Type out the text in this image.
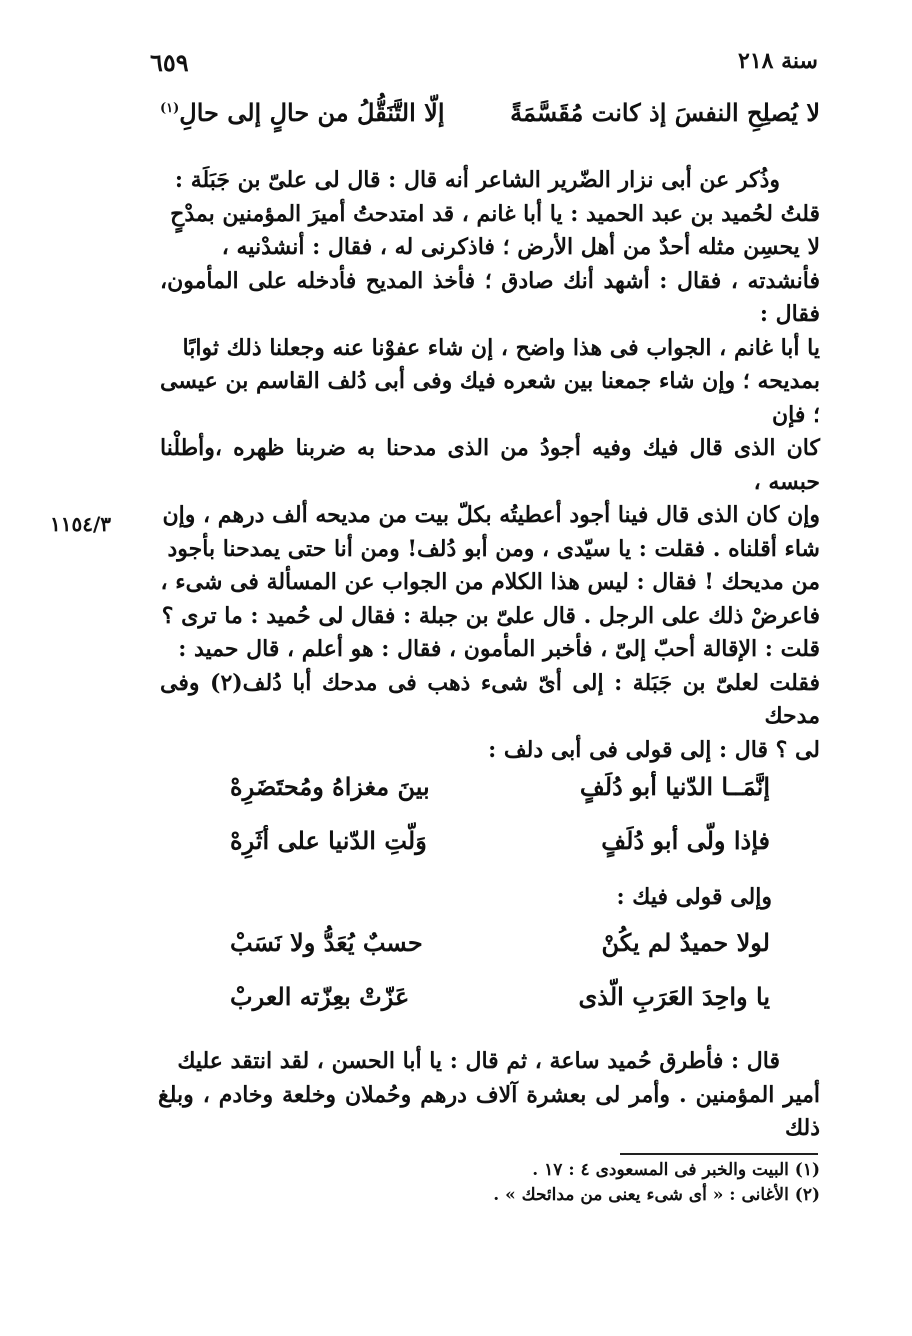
سنة ٢١٨
٦٥٩
لا يُصلِحِ النفسَ إذ كانت مُقَسَّمَةً
إلّا التَّنَقُّلُ من حالٍ إلى حالِ$^{(١)}$

وذُكر عن أبى نزار الضّرير الشاعر أنه قال : قال لى علىّ بن جَبَلَة :

قلتُ لحُميد بن عبد الحميد : يا أبا غانم ، قد امتدحتُ أميرَ المؤمنين بمدْحٍ

لا يحسِن مثله أحدٌ من أهل الأرض ؛ فاذكرنى له ، فقال : أنشدْنيه ،

فأنشدته ، فقال : أشهد أنك صادق ؛ فأخذ المديح فأدخله على المأمون، فقال :

يا أبا غانم ، الجواب فى هذا واضح ، إن شاء عفوْنا عنه وجعلنا ذلك ثوابًا

بمديحه ؛ وإن شاء جمعنا بين شعره فيك وفى أبى دُلف القاسم بن عيسى ؛ فإن

كان الذى قال فيك وفيه أجودُ من الذى مدحنا به ضربنا ظهره ،وأطلْنا حبسه ،

وإن كان الذى قال فينا أجود أعطيتُه بكلّ بيت من مديحه ألف درهم ، وإن

شاء أقلناه . فقلت : يا سيّدى ، ومن أبو دُلف! ومن أنا حتى يمدحنا بأجود

من مديحك ! فقال : ليس هذا الكلام من الجواب عن المسألة فى شىء ،

فاعرضْ ذلك على الرجل . قال علىّ بن جبلة : فقال لى حُميد : ما ترى ؟

قلت : الإقالة أحبّ إلىّ ، فأخبر المأمون ، فقال : هو أعلم ، قال حميد :

فقلت لعلىّ بن جَبَلة : إلى أىّ شىء ذهب فى مدحك أبا دُلف(٢) وفى مدحك

لى ؟ قال : إلى قولى فى أبى دلف :

١١٥٤/٣
إنَّمَــا الدّنيا أبو دُلَفٍ
بينَ مغزاهُ ومُحتَضَرِهْ
فإذا ولّى أبو دُلَفٍ
وَلّتِ الدّنيا على أثَرِهْ
وإلى قولى فيك :
لولا حميدٌ لم يكُنْ
حسبٌ يُعَدُّ ولا نَسَبْ
يا واحِدَ العَرَبِ الّذى
عَزّتْ بعِزّته العربْ

قال : فأطرق حُميد ساعة ، ثم قال : يا أبا الحسن ، لقد انتقد عليك

أمير المؤمنين . وأمر لى بعشرة آلاف درهم وحُملان وخلعة وخادم ، وبلغ ذلك

(١) البيت والخبر فى المسعودى ٤ : ١٧ .
(٢) الأغانى : « أى شىء يعنى من مدائحك » .
